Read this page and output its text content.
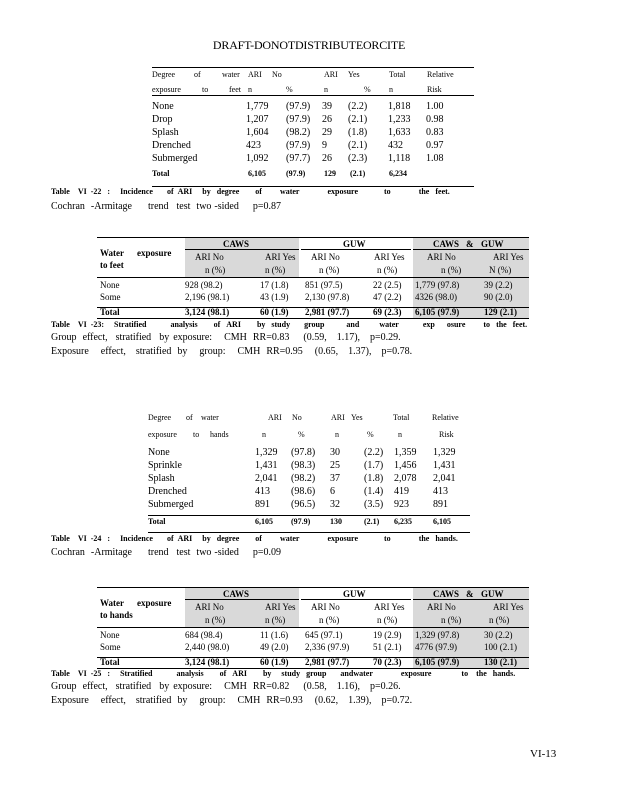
DRAFT-DONOTDISTRIBUTEORCITE
Degree of	water ARI No	ARI Yes	Total	Relative
exposure	to	feet n	%	n	% n	Risk
None	1,779 (97.9) 39 (2.2) 1,818 1.00
Drop	1,207 (97.9) 26 (2.1) 1,233 0.98
Splash	1,604 (98.2) 29 (1.8) 1,633 0.83
Drenched	423	(97.9) 9 (2.1) 432 0.97
Submerged	1,092 (97.7) 26 (2.3) 1,118 1.08
Total	6,105	(97.9) 129 (2.1)	6,234
Table VI -22 : Incidence of ARI by degree of water	exposure	to	the feet.
Cochran -Armitage trend test two -sided p=0.87
Water exposure
to feet
CAWS	GUW	CAWS & GUW
ARI No	ARI Yes ARI No	ARI Yes ARI No	ARI Yes
n (%)	n (%)	n (%)	n (%)	n (%)	N (%)
None	928 (98.2)	17 (1.8) 851 (97.5)	22 (2.5) 1,779 (97.8)	39 (2.2)
Some	2,196 (98.1)	43 (1.9) 2,130 (97.8)	47 (2.2) 4326 (98.0)	90 (2.0)
Total	3,124 (98.1)	60 (1.9) 2,981 (97.7)	69 (2.3) 6,105 (97.9)	129 (2.1)
Table VI -23: Stratified	analysis of ARI by study group	and	water	exp osure to the feet.
Group effect, stratified by exposure: CMH RR=0.83 (0.59, 1.17), p=0.29.
Exposure effect, stratified by group: CMH RR=0.95 (0.65, 1.37), p=0.78.
Degree of water	ARI No	ARI Yes	Total	Relative
exposure to hands	n	%	n	%	n	Risk
None	1,329 (97.8) 30 (2.2) 1,359 1,329
Sprinkle	1,431 (98.3) 25 (1.7) 1,456 1,431
Splash	2,041 (98.2) 37 (1.8) 2,078 2,041
Drenched	413 (98.6) 6	(1.4) 419 413
Submerged	891 (96.5) 32 (3.5) 923 891
Total	6,105 (97.9) 130	(2.1) 6,235	6,105
Table VI -24 : Incidence of ARI by degree of water	exposure	to	the hands.
Cochran -Armitage trend test two -sided p=0.09
Water exposure
to hands
CAWS	GUW	CAWS & GUW
ARI No	ARI Yes ARI No	ARI Yes ARI No	ARI Yes
n (%)	n (%)	n (%)	n (%)	n (%)	n (%)
None	684 (98.4)	11 (1.6) 645 (97.1)	19 (2.9) 1,329 (97.8)	30 (2.2)
Some	2,440 (98.0)	49 (2.0) 2,336 (97.9)	51 (2.1) 4776 (97.9)	100 (2.1)
Total	3,124 (98.1)	60 (1.9) 2,981 (97.7)	70 (2.3) 6,105 (97.9)	130 (2.1)
Table VI -25 : Stratified	analysis of ARI by study group andwater	exposure	to the hands.
Group effect, stratified by exposure: CMH RR=0.82 (0.58, 1.16), p=0.26.
Exposure effect, stratified by group: CMH RR=0.93 (0.62, 1.39), p=0.72.
VI-13
